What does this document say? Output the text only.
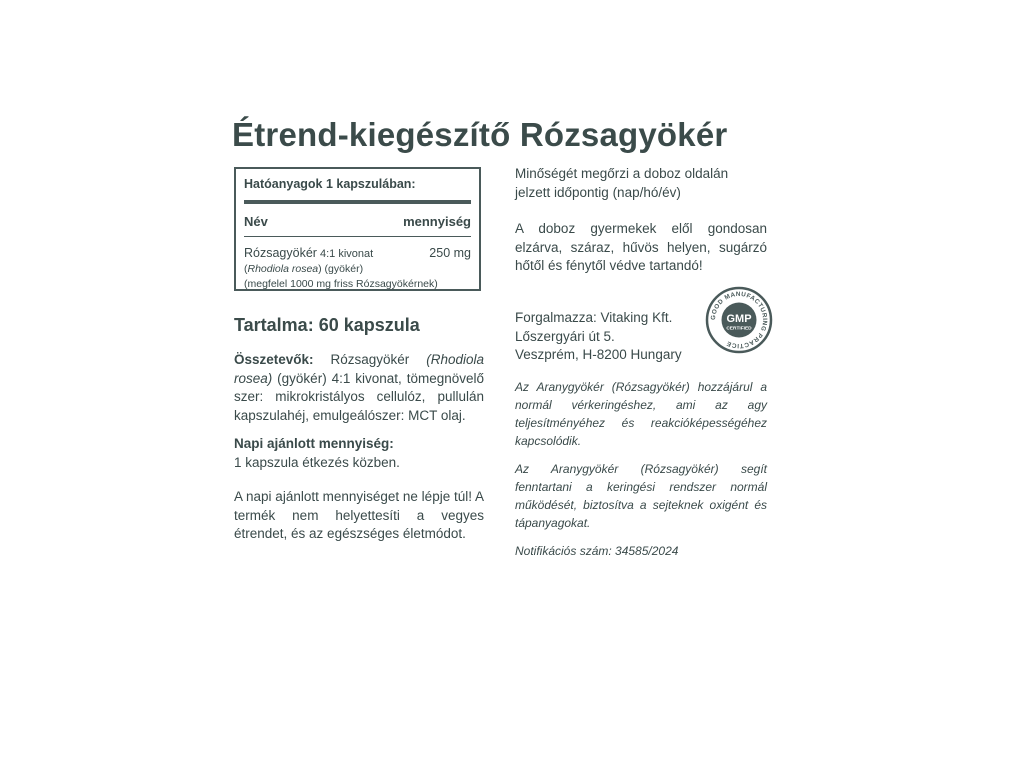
Étrend-kiegészítő Rózsagyökér
Hatóanyagok 1 kapszulában:
Név	mennyiség
Rózsagyökér 4:1 kivonat	250 mg
(Rhodiola rosea) (gyökér)
(megfelel 1000 mg friss Rózsagyökérnek)
Tartalma: 60 kapszula
Összetevők: Rózsagyökér (Rhodiola rosea) (gyökér) 4:1 kivonat, tömegnövelő szer: mikrokristályos cellulóz, pullulán kapszulahéj, emulgeálószer: MCT olaj.
Napi ajánlott mennyiség:
1 kapszula étkezés közben.
A napi ajánlott mennyiséget ne lépje túl! A termék nem helyettesíti a vegyes étrendet, és az egészséges életmódot.
Minőségét megőrzi a doboz oldalán jelzett időpontig (nap/hó/év)
A doboz gyermekek elől gondosan elzárva, száraz, hűvös helyen, sugárzó hőtől és fénytől védve tartandó!
Forgalmazza: Vitaking Kft.
Lőszergyári út 5.
Veszprém, H-8200 Hungary
GOOD MANUFACTURING PRACTICE
GMP
CERTIFIED
Az Aranygyökér (Rózsagyökér) hozzájárul a normál vérkeringéshez, ami az agy teljesítményéhez és reakcióképességéhez kapcsolódik.
Az Aranygyökér (Rózsagyökér) segít fenntartani a keringési rendszer normál működését, biztosítva a sejteknek oxigént és tápanyagokat.
Notifikációs szám: 34585/2024
